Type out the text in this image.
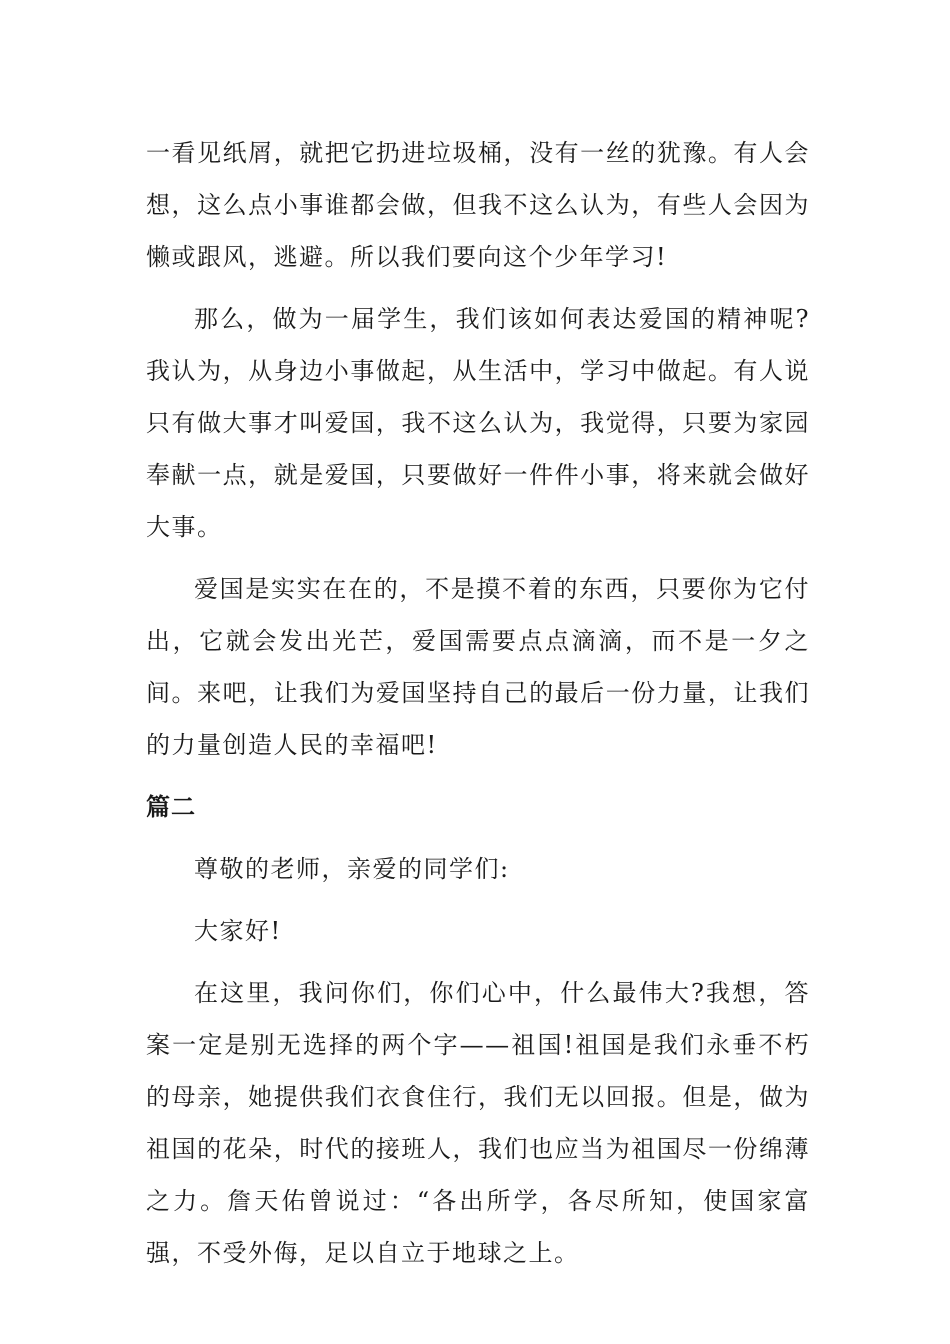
一看见纸屑，就把它扔进垃圾桶，没有一丝的犹豫。有人会想，这么点小事谁都会做，但我不这么认为，有些人会因为懒或跟风，逃避。所以我们要向这个少年学习!

那么，做为一届学生，我们该如何表达爱国的精神呢?我认为，从身边小事做起，从生活中，学习中做起。有人说只有做大事才叫爱国，我不这么认为，我觉得，只要为家园奉献一点，就是爱国，只要做好一件件小事，将来就会做好大事。

爱国是实实在在的，不是摸不着的东西，只要你为它付出，它就会发出光芒，爱国需要点点滴滴，而不是一夕之间。来吧，让我们为爱国坚持自己的最后一份力量，让我们的力量创造人民的幸福吧!

篇二

尊敬的老师，亲爱的同学们:

大家好!

在这里，我问你们，你们心中，什么最伟大?我想，答案一定是别无选择的两个字——祖国!祖国是我们永垂不朽的母亲，她提供我们衣食住行，我们无以回报。但是，做为祖国的花朵，时代的接班人，我们也应当为祖国尽一份绵薄之力。詹天佑曾说过：“各出所学，各尽所知，使国家富强，不受外侮，足以自立于地球之上。
